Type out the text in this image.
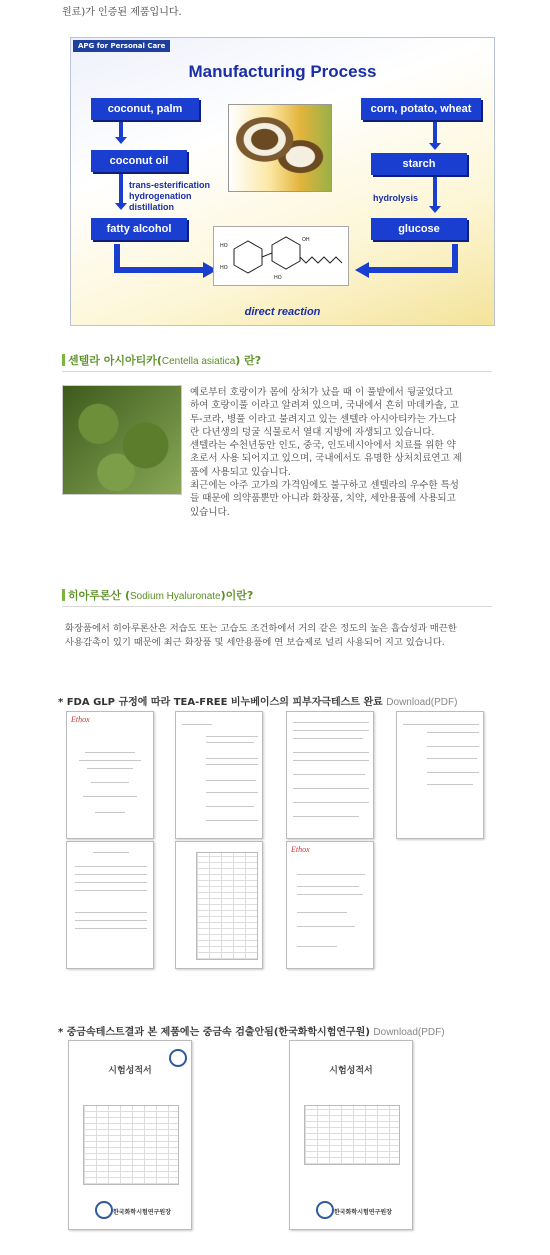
원료)가 인증된 제품입니다.
APG for Personal Care
Manufacturing Process
coconut, palm
coconut oil
trans-esterification
hydrogenation
distillation
fatty alcohol
corn, potato, wheat
starch
hydrolysis
glucose
HO
HO
HO
OH
direct reaction
센텔라 아시아티카(Centella asiatica) 란?

예로부터 호랑이가 몸에 상처가 났을 때 이 풀밭에서 뒹굴었다고

하여 호랑이풀 이라고 알려져 있으며, 국내에서 흔히 마데카솔, 고

투-코라, 병풀 이라고 불려지고 있는 센텔라 아시아티카는 가느다

란 다년생의 덩굴 식물로서 열대 지방에 자생되고 있습니다.

센텔라는 수천년동안 인도, 중국, 인도네시아에서 치료를 위한 약

초로서 사용 되어지고 있으며, 국내에서도 유명한 상처치료연고 제

품에 사용되고 있습니다.

최근에는 아주 고가의 가격임에도 불구하고 센텔라의 우수한 특성

들 때문에 의약품뿐만 아니라 화장품, 치약, 세안용품에 사용되고

있습니다.

히아루론산 (Sodium Hyaluronate)이란?

화장품에서 히아루론산은 저습도 또는 고습도 조건하에서 거의 같은 정도의 높은 흡습성과 매끈한

사용감촉이 있기 때문에 최근 화장품 및 세안용품에 연 보습제로 널리 사용되어 지고 있습니다.

* FDA GLP 규정에 따라 TEA-FREE 비누베이스의 피부자극테스트 완료 Download(PDF)
Ethox
Ethox
* 중금속테스트결과 본 제품에는 중금속 검출안됨(한국화학시험연구원) Download(PDF)
시험성적서
한국화학시험연구원장
시험성적서
한국화학시험연구원장
